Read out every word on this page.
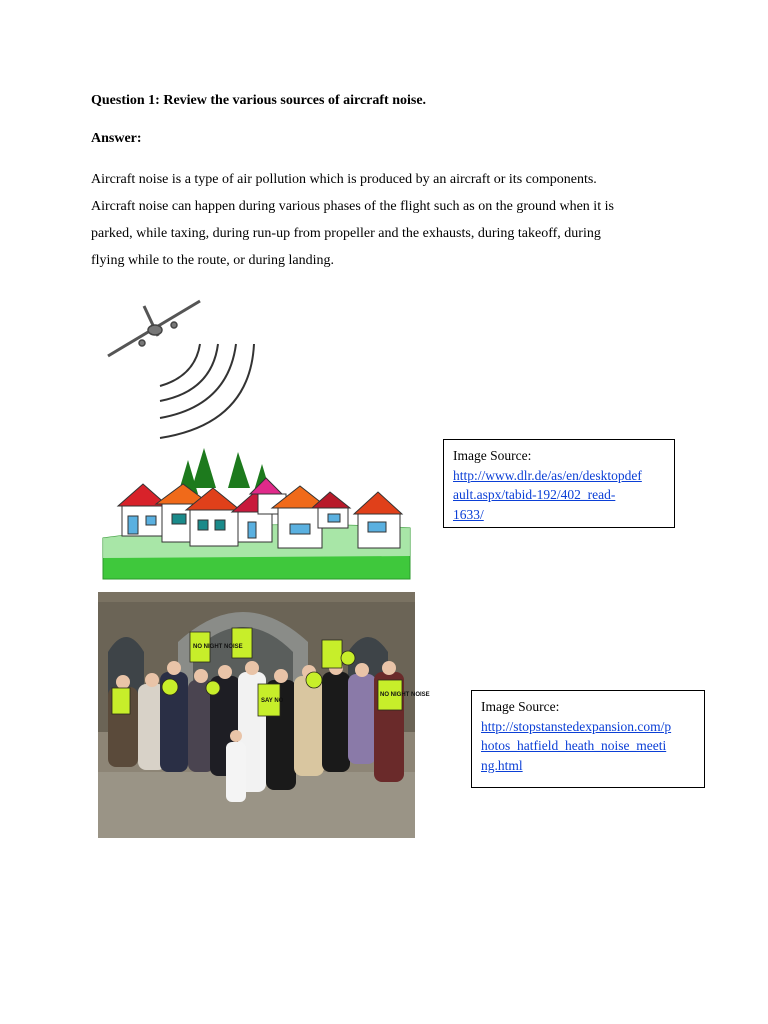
Question 1: Review the various sources of aircraft noise.
Answer:
Aircraft noise is a type of air pollution which is produced by an aircraft or its components.
Aircraft noise can happen during various phases of the flight such as on the ground when it is
parked, while taxing, during run-up from propeller and the exhausts, during takeoff, during
flying while to the route, or during landing.
NO NIGHT NOISE
SAY NO
NO NIGHT NOISE
Image Source:
http://www.dlr.de/as/en/desktopdef
ault.aspx/tabid-192/402_read-
1633/
Image Source:
http://stopstanstedexpansion.com/p
hotos_hatfield_heath_noise_meeti
ng.html
